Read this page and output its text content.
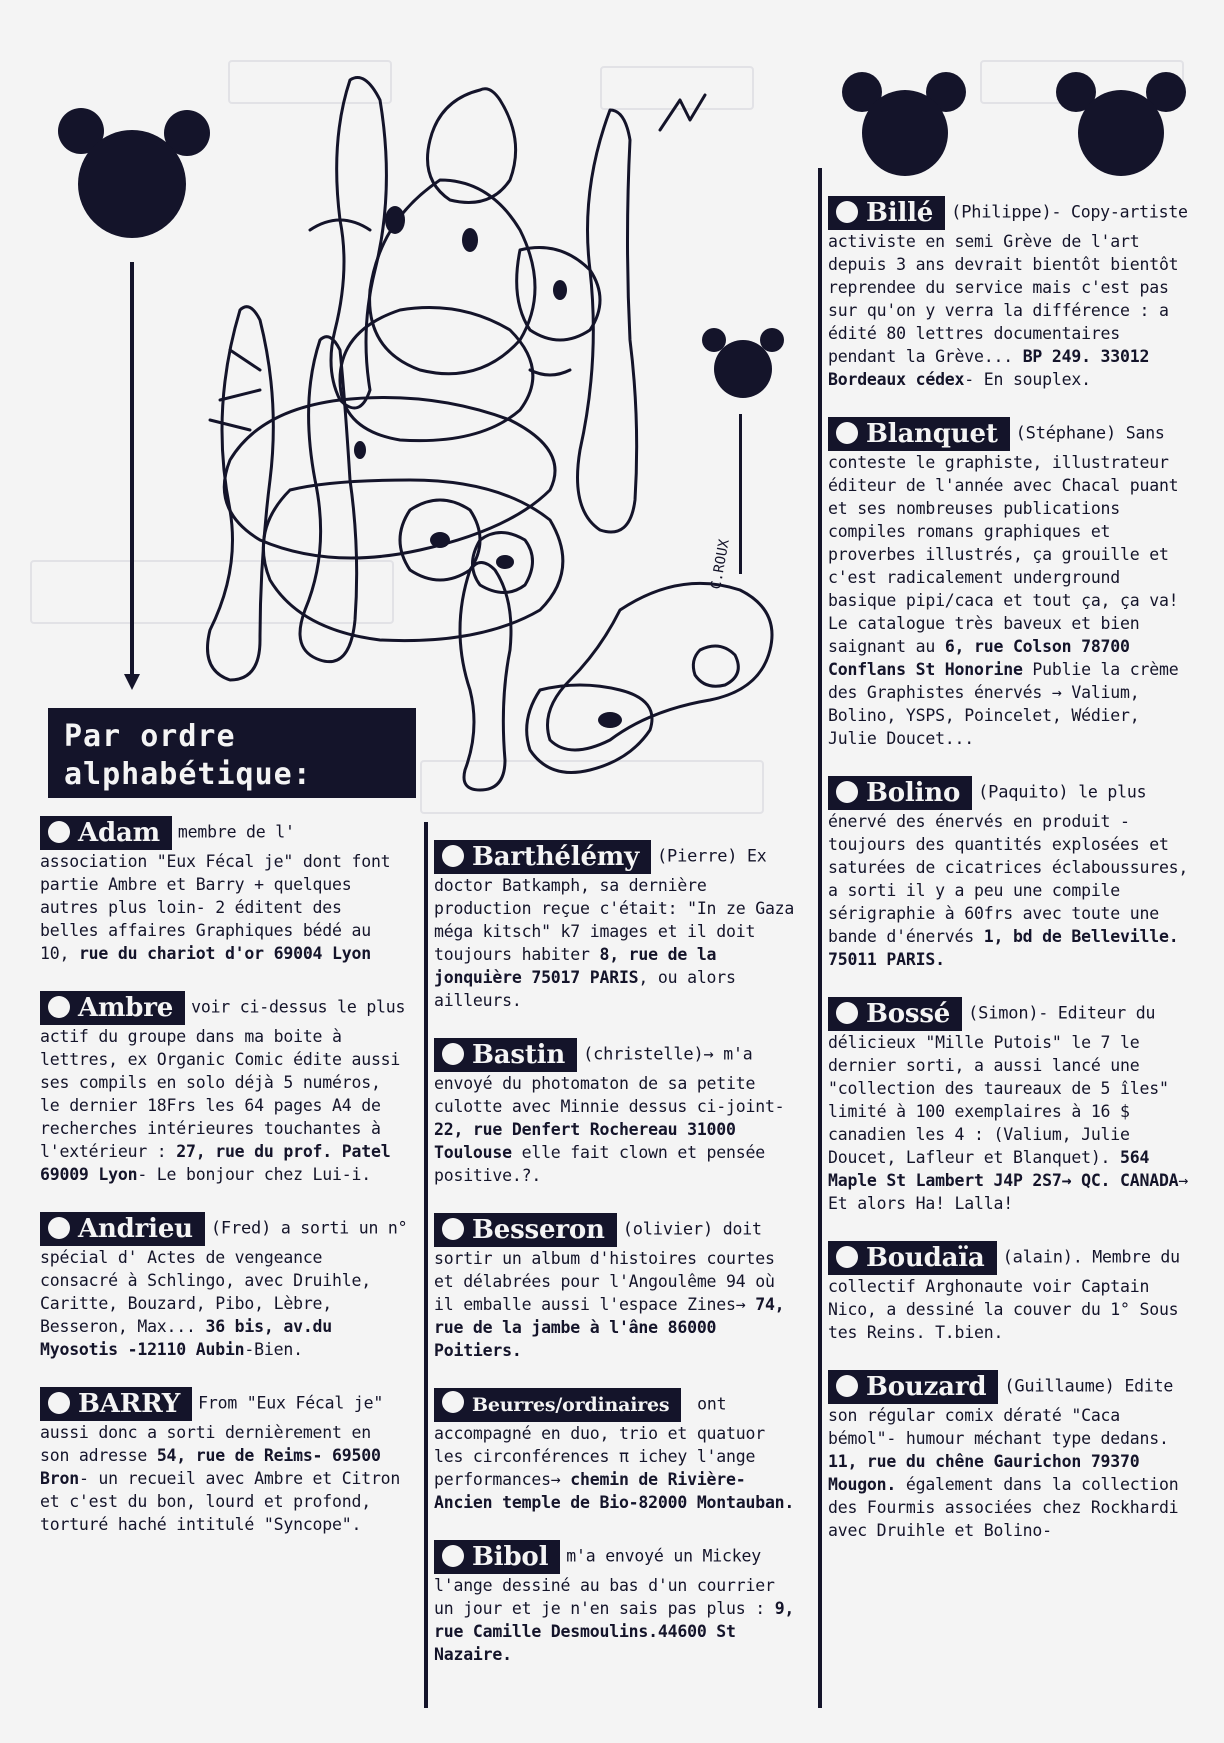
C.ROUX
Par ordre
alphabétique:

Adam membre de l' association "Eux Fécal je" dont font partie Ambre et Barry + quelques autres plus loin- 2 éditent des belles affaires Graphiques bédé au 10, rue du chariot d'or 69004 Lyon

Ambre voir ci-dessus le plus actif du groupe dans ma boite à lettres, ex Organic Comic édite aussi ses compils en solo déjà 5 numéros, le dernier 18Frs les 64 pages A4 de recherches intérieures touchantes à l'extérieur : 27, rue du prof. Patel 69009 Lyon- Le bonjour chez Lui-i.

Andrieu (Fred) a sorti un n° spécial d' Actes de vengeance consacré à Schlingo, avec Druihle, Caritte, Bouzard, Pibo, Lèbre, Besseron, Max... 36 bis, av.du Myosotis -12110 Aubin-Bien.

BARRY From "Eux Fécal je" aussi donc a sorti dernièrement en son adresse 54, rue de Reims- 69500 Bron- un recueil avec Ambre et Citron et c'est du bon, lourd et profond, torturé haché intitulé "Syncope".

Barthélémy (Pierre) Ex doctor Batkamph, sa dernière production reçue c'était: "In ze Gaza méga kitsch" k7 images et il doit toujours habiter 8, rue de la jonquière 75017 PARIS, ou alors ailleurs.

Bastin (christelle)→ m'a envoyé du photomaton de sa petite culotte avec Minnie dessus ci-joint- 22, rue Denfert Rochereau 31000 Toulouse elle fait clown et pensée positive.?.

Besseron (olivier) doit sortir un album d'histoires courtes et délabrées pour l'Angoulême 94 où il emballe aussi l'espace Zines→ 74, rue de la jambe à l'âne 86000 Poitiers.

Beurres/ordinaires ont accompagné en duo, trio et quatuor les circonférences π ichey l'ange performances→ chemin de Rivière- Ancien temple de Bio-82000 Montauban.

Bibol m'a envoyé un Mickey l'ange dessiné au bas d'un courrier un jour et je n'en sais pas plus : 9, rue Camille Desmoulins.44600 St Nazaire.

Billé (Philippe)- Copy-artiste activiste en semi Grève de l'art depuis 3 ans devrait bientôt bientôt reprendee du service mais c'est pas sur qu'on y verra la différence : a édité 80 lettres documentaires pendant la Grève... BP 249. 33012 Bordeaux cédex- En souplex.

Blanquet (Stéphane) Sans conteste le graphiste, illustrateur éditeur de l'année avec Chacal puant et ses nombreuses publications compiles romans graphiques et proverbes illustrés, ça grouille et c'est radicalement underground basique pipi/caca et tout ça, ça va! Le catalogue très baveux et bien saignant au 6, rue Colson 78700 Conflans St Honorine Publie la crème des Graphistes énervés → Valium, Bolino, YSPS, Poincelet, Wédier, Julie Doucet...

Bolino (Paquito) le plus énervé des énervés en produit -toujours des quantités explosées et saturées de cicatrices éclaboussures, a sorti il y a peu une compile sérigraphie à 60frs avec toute une bande d'énervés 1, bd de Belleville. 75011 PARIS.

Bossé (Simon)- Editeur du délicieux "Mille Putois" le 7 le dernier sorti, a aussi lancé une "collection des taureaux de 5 îles" limité à 100 exemplaires à 16 $ canadien les 4 : (Valium, Julie Doucet, Lafleur et Blanquet). 564 Maple St Lambert J4P 2S7→ QC. CANADA→ Et alors Ha! Lalla!

Boudaïa (alain). Membre du collectif Arghonaute voir Captain Nico, a dessiné la couver du 1° Sous tes Reins. T.bien.

Bouzard (Guillaume) Edite son régular comix dératé "Caca bémol"- humour méchant type dedans. 11, rue du chêne Gaurichon 79370 Mougon. également dans la collection des Fourmis associées chez Rockhardi avec Druihle et Bolino-
